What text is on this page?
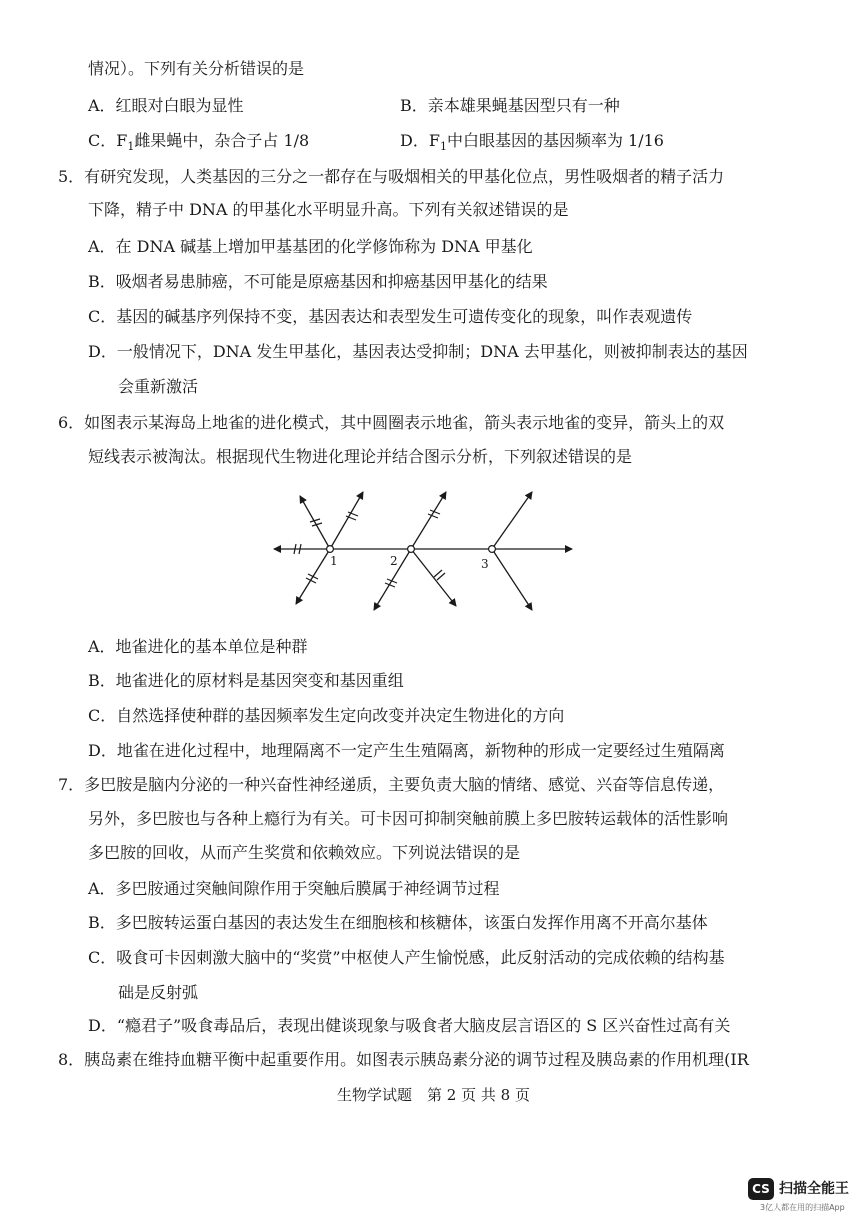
情况）。下列有关分析错误的是
A．红眼对白眼为显性	B．亲本雄果蝇基因型只有一种
C．$F_1$雌果蝇中，杂合子占 1/8	D．$F_1$中白眼基因的基因频率为 1/16
5．有研究发现，人类基因的三分之一都存在与吸烟相关的甲基化位点，男性吸烟者的精子活力
下降，精子中 DNA 的甲基化水平明显升高。下列有关叙述错误的是
A．在 DNA 碱基上增加甲基基团的化学修饰称为 DNA 甲基化
B．吸烟者易患肺癌，不可能是原癌基因和抑癌基因甲基化的结果
C．基因的碱基序列保持不变，基因表达和表型发生可遗传变化的现象，叫作表观遗传
D．一般情况下，DNA 发生甲基化，基因表达受抑制；DNA 去甲基化，则被抑制表达的基因
会重新激活
6．如图表示某海岛上地雀的进化模式，其中圆圈表示地雀，箭头表示地雀的变异，箭头上的双
短线表示被淘汰。根据现代生物进化理论并结合图示分析，下列叙述错误的是
1	2	3
A．地雀进化的基本单位是种群
B．地雀进化的原材料是基因突变和基因重组
C．自然选择使种群的基因频率发生定向改变并决定生物进化的方向
D．地雀在进化过程中，地理隔离不一定产生生殖隔离，新物种的形成一定要经过生殖隔离
7．多巴胺是脑内分泌的一种兴奋性神经递质，主要负责大脑的情绪、感觉、兴奋等信息传递，
另外，多巴胺也与各种上瘾行为有关。可卡因可抑制突触前膜上多巴胺转运载体的活性影响
多巴胺的回收，从而产生奖赏和依赖效应。下列说法错误的是
A．多巴胺通过突触间隙作用于突触后膜属于神经调节过程
B．多巴胺转运蛋白基因的表达发生在细胞核和核糖体，该蛋白发挥作用离不开高尔基体
C．吸食可卡因刺激大脑中的“奖赏”中枢使人产生愉悦感，此反射活动的完成依赖的结构基
础是反射弧
D．“瘾君子”吸食毒品后，表现出健谈现象与吸食者大脑皮层言语区的 S 区兴奋性过高有关
8．胰岛素在维持血糖平衡中起重要作用。如图表示胰岛素分泌的调节过程及胰岛素的作用机理(IR
生物学试题　第 2 页 共 8 页
CS 扫描全能王
3亿人都在用的扫描App
